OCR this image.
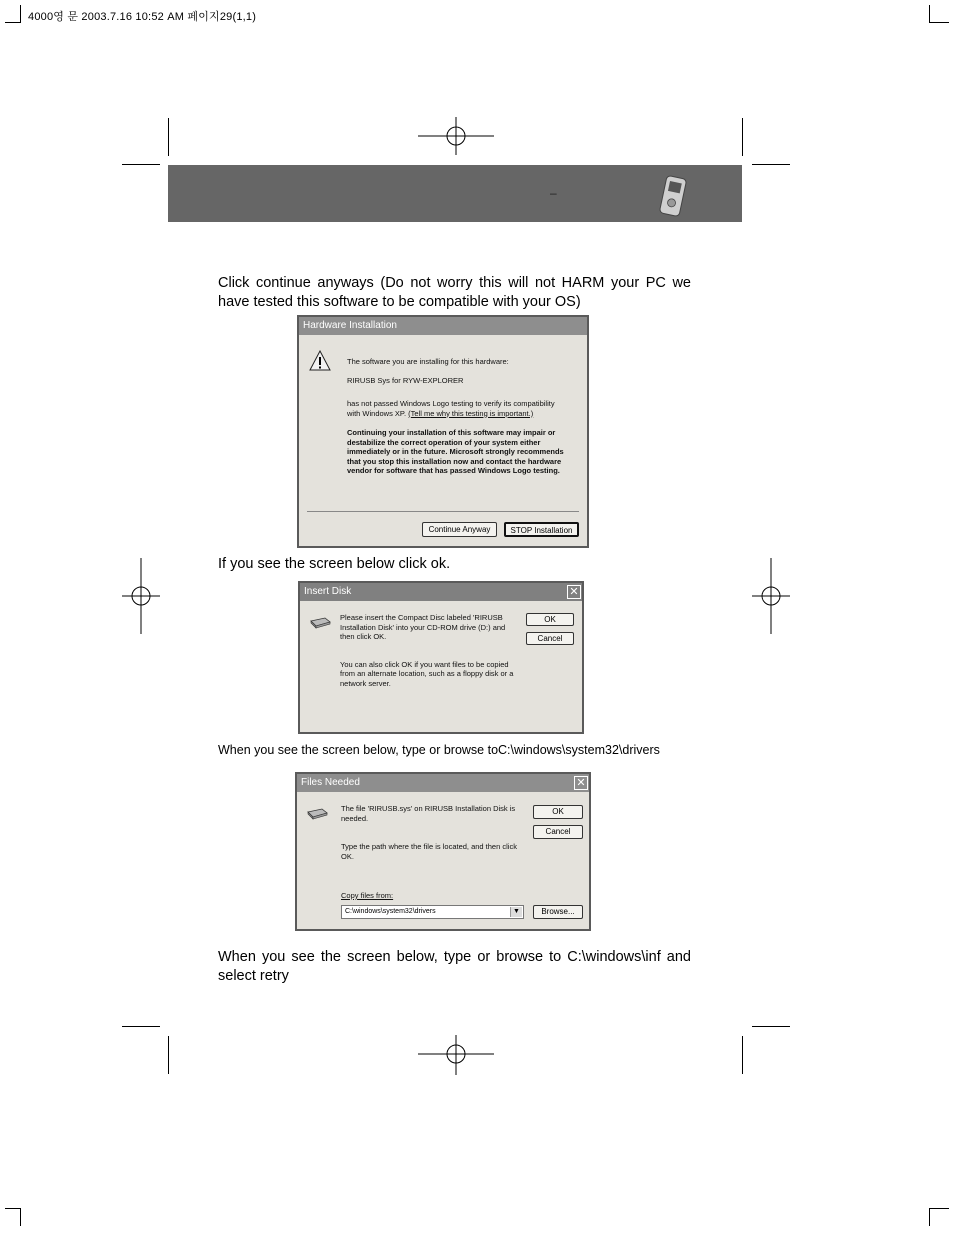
4000영 문 2003.7.16 10:52 AM 페이지29(1,1)
–
Click continue anyways (Do not worry this will not HARM your PC we have tested this software to be compatible with your OS)
Hardware Installation
The software you are installing for this hardware:
RIRUSB Sys for RYW-EXPLORER
has not passed Windows Logo testing to verify its compatibility
with Windows XP. (Tell me why this testing is important.)
Continuing your installation of this software may impair or destabilize the correct operation of your system either immediately or in the future. Microsoft strongly recommends that you stop this installation now and contact the hardware vendor for software that has passed Windows Logo testing.
Continue Anyway	STOP Installation
If you see the screen below click ok.
Insert Disk	✕
Please insert the Compact Disc labeled 'RIRUSB Installation Disk' into your CD-ROM drive (D:) and then click OK.
You can also click OK if you want files to be copied from an alternate location, such as a floppy disk or a network server.
OK
Cancel
When you see the screen below, type or browse toC:\windows\system32\drivers
Files Needed	✕
The file 'RIRUSB.sys' on RIRUSB Installation Disk is needed.
Type the path where the file is located, and then click OK.
Copy files from:
C:\windows\system32\drivers	▼
OK
Cancel
Browse...
When you see the screen below, type or browse to C:\windows\inf and select retry
